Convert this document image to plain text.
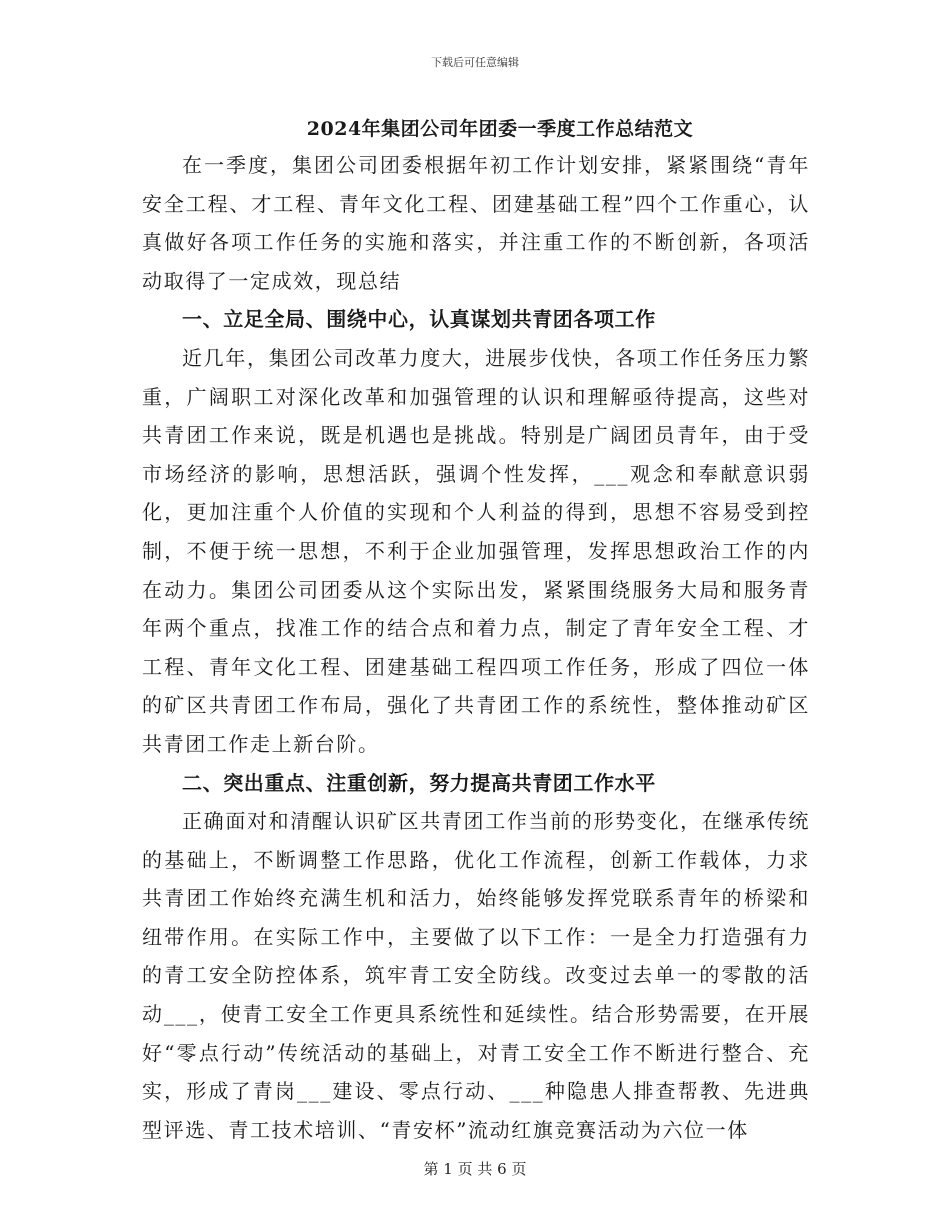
下载后可任意编辑
2024年集团公司年团委一季度工作总结范文

在一季度，集团公司团委根据年初工作计划安排，紧紧围绕“青年安全工程、才工程、青年文化工程、团建基础工程”四个工作重心，认真做好各项工作任务的实施和落实，并注重工作的不断创新，各项活动取得了一定成效，现总结

一、立足全局、围绕中心，认真谋划共青团各项工作

近几年，集团公司改革力度大，进展步伐快，各项工作任务压力繁重，广阔职工对深化改革和加强管理的认识和理解亟待提高，这些对共青团工作来说，既是机遇也是挑战。特别是广阔团员青年，由于受市场经济的影响，思想活跃，强调个性发挥，___观念和奉献意识弱化，更加注重个人价值的实现和个人利益的得到，思想不容易受到控制，不便于统一思想，不利于企业加强管理，发挥思想政治工作的内在动力。集团公司团委从这个实际出发，紧紧围绕服务大局和服务青年两个重点，找准工作的结合点和着力点，制定了青年安全工程、才工程、青年文化工程、团建基础工程四项工作任务，形成了四位一体的矿区共青团工作布局，强化了共青团工作的系统性，整体推动矿区共青团工作走上新台阶。

二、突出重点、注重创新，努力提高共青团工作水平

正确面对和清醒认识矿区共青团工作当前的形势变化，在继承传统的基础上，不断调整工作思路，优化工作流程，创新工作载体，力求共青团工作始终充满生机和活力，始终能够发挥党联系青年的桥梁和纽带作用。在实际工作中，主要做了以下工作：一是全力打造强有力的青工安全防控体系，筑牢青工安全防线。改变过去单一的零散的活动___，使青工安全工作更具系统性和延续性。结合形势需要，在开展好“零点行动”传统活动的基础上，对青工安全工作不断进行整合、充实，形成了青岗___建设、零点行动、___种隐患人排查帮教、先进典型评选、青工技术培训、“青安杯”流动红旗竞赛活动为六位一体

第 1 页 共 6 页
